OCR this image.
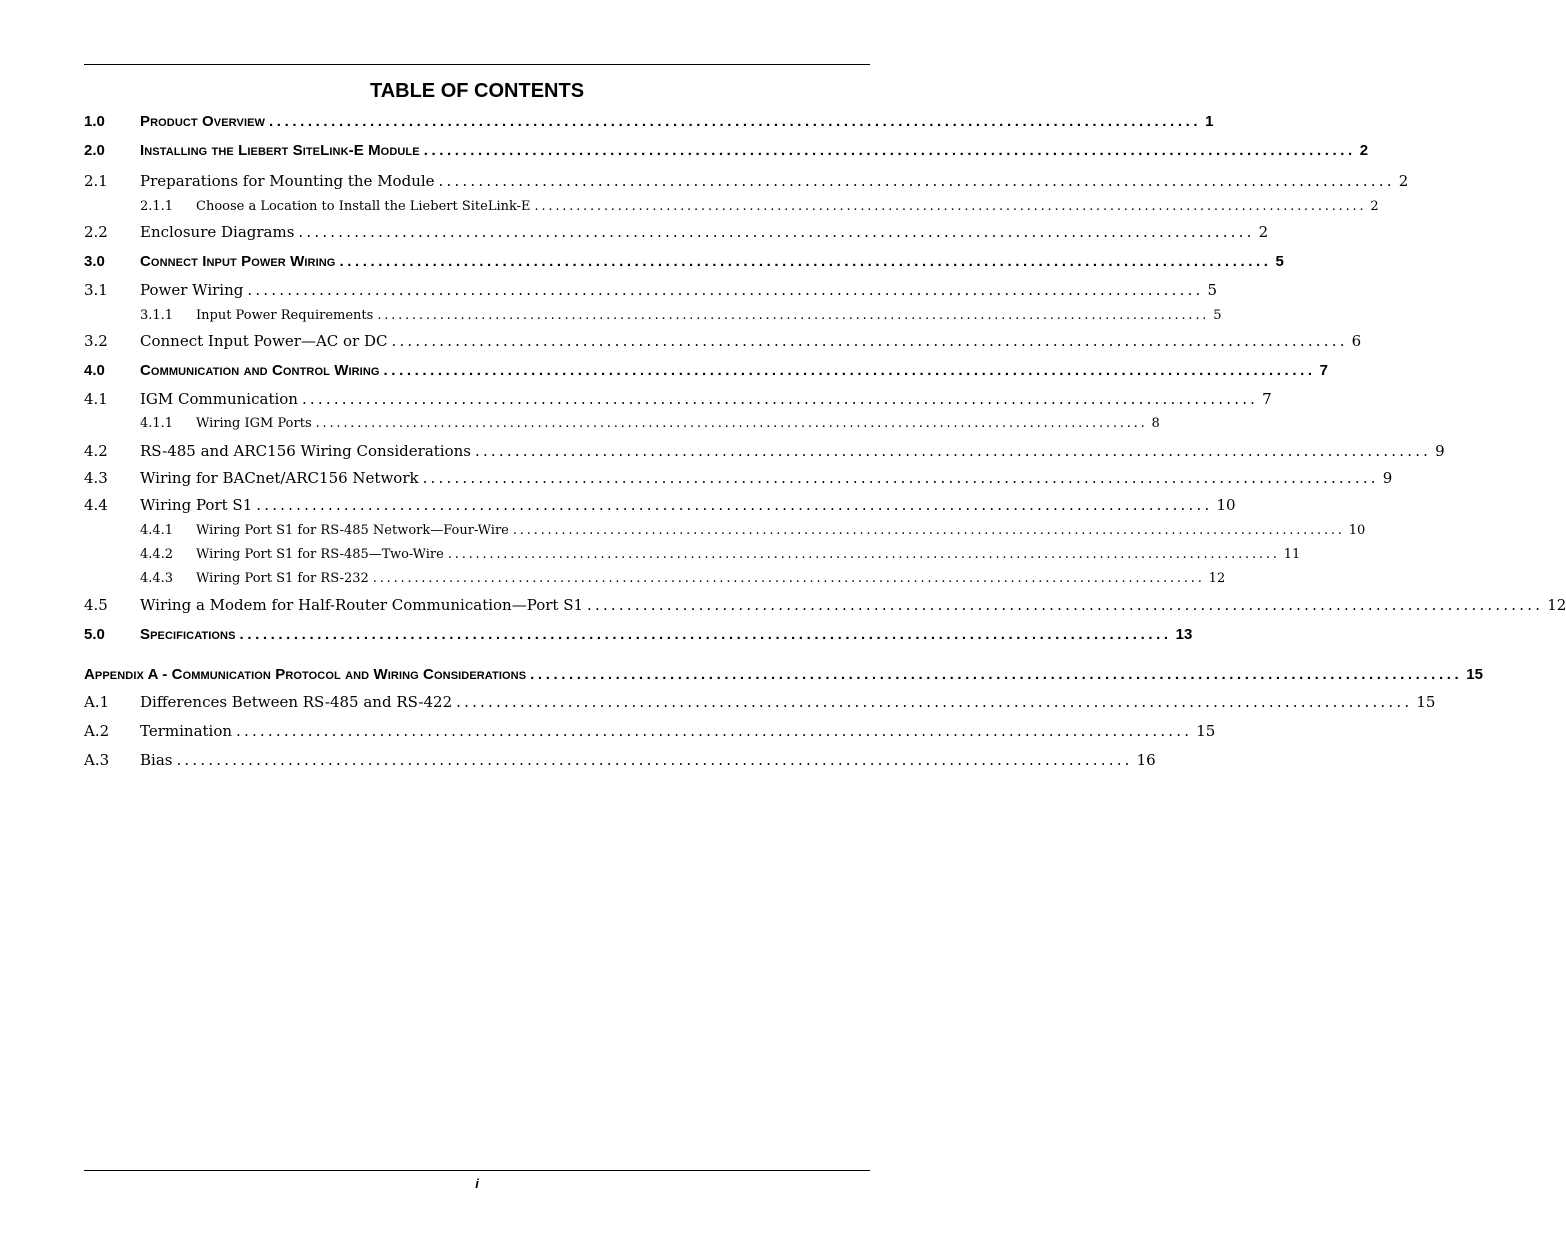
TABLE OF CONTENTS
1.0	Product Overview ........................................................................................................................ 1
2.0	Installing the Liebert SiteLink-E Module ........................................................................................................................ 2
2.1	Preparations for Mounting the Module ........................................................................................................................ 2
2.1.1	Choose a Location to Install the Liebert SiteLink-E ........................................................................................................................ 2
2.2	Enclosure Diagrams ........................................................................................................................ 2
3.0	Connect Input Power Wiring ........................................................................................................................ 5
3.1	Power Wiring ........................................................................................................................ 5
3.1.1	Input Power Requirements ........................................................................................................................ 5
3.2	Connect Input Power—AC or DC ........................................................................................................................ 6
4.0	Communication and Control Wiring ........................................................................................................................ 7
4.1	IGM Communication ........................................................................................................................ 7
4.1.1	Wiring IGM Ports ........................................................................................................................ 8
4.2	RS-485 and ARC156 Wiring Considerations ........................................................................................................................ 9
4.3	Wiring for BACnet/ARC156 Network ........................................................................................................................ 9
4.4	Wiring Port S1 ........................................................................................................................ 10
4.4.1	Wiring Port S1 for RS-485 Network—Four-Wire ........................................................................................................................ 10
4.4.2	Wiring Port S1 for RS-485—Two-Wire ........................................................................................................................ 11
4.4.3	Wiring Port S1 for RS-232 ........................................................................................................................ 12
4.5	Wiring a Modem for Half-Router Communication—Port S1 ........................................................................................................................ 12
5.0	Specifications ........................................................................................................................ 13
Appendix A - Communication Protocol and Wiring Considerations ........................................................................................................................ 15
A.1	Differences Between RS-485 and RS-422 ........................................................................................................................ 15
A.2	Termination ........................................................................................................................ 15
A.3	Bias ........................................................................................................................ 16
i
